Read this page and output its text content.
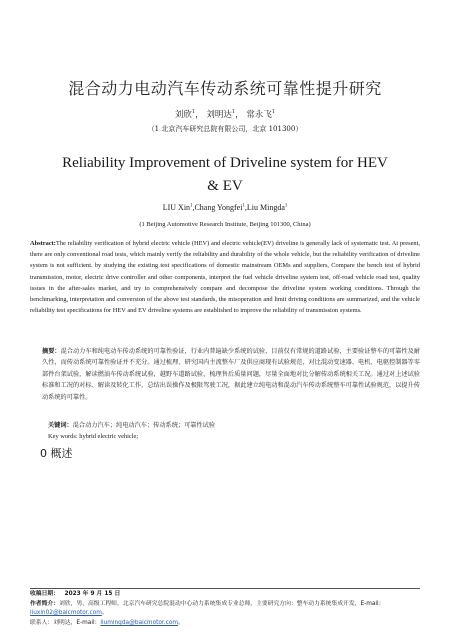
混合动力电动汽车传动系统可靠性提升研究
刘欣$^1$， 刘明达$^1$， 常永飞$^1$
（1 北京汽车研究总院有限公司，北京 101300）
Reliability Improvement of Driveline system for HEV
& EV
LIU Xin$^1$,Chang Yongfei$^1$,Liu Mingda$^1$
(1 Beijing Automotive Research Institute, Beijing 101300, China)
Abstract:The reliability verification of hybrid electric vehicle (HEV) and electric vehicle(EV) driveline is generally lack of systematic test. At present, there are only conventional road tests, which mainly verify the reliability and durability of the whole vehicle, but the reliability verification of driveline system is not sufficient. by studying the existing test specifications of domestic mainstream OEMs and suppliers, Compare the bench test of hybrid transmission, motor, electric drive controller and other components, interpret the fuel vehicle driveline system test, off-road vehicle road test, quality issues in the after-sales market, and try to comprehensively compare and decompose the driveline system working conditions. Through the benchmarking, interpretation and conversion of the above test standards, the misoperation and limit driving conditions are summarized, and the vehicle reliability test specifications for HEV and EV driveline systems are established to improve the reliability of transmission systems.
摘要：混合动力车和纯电动车传动系统的可靠性验证，行业内普遍缺少系统的试验，目前仅有常规的道路试验，主要验证整车的可靠性及耐久性，而传动系统可靠性验证并不充分。通过梳理、研究国内主流整车厂及供应商现有试验规范，对比混动变速器、电机、电驱控制器等零部件台架试验，解读燃油车传动系统试验，越野车道路试验，梳理售后质量问题，尽量全面地对比分解传动系统相关工况。通过对上述试验标准和工况的对标、解读及转化工作，总结出误操作及极限驾驶工况，据此建立纯电动和混动汽车传动系统整车可靠性试验规范，以提升传动系统的可靠性。
关键词：混合动力汽车；纯电动汽车；传动系统；可靠性试验
Key words: hybrid electric vehicle;
0 概述
收稿日期： 2023 年 9 月 15 日
作者简介：刘欣，男，高级工程师，北京汽车研究总院混动中心动力系统集成专业总师，主要研究方向：整车动力系统集成开发，E-mail：liuxin02@baicmotor.com。
联系人：刘明达，E-mail：liumingda@baicmotor.com。
